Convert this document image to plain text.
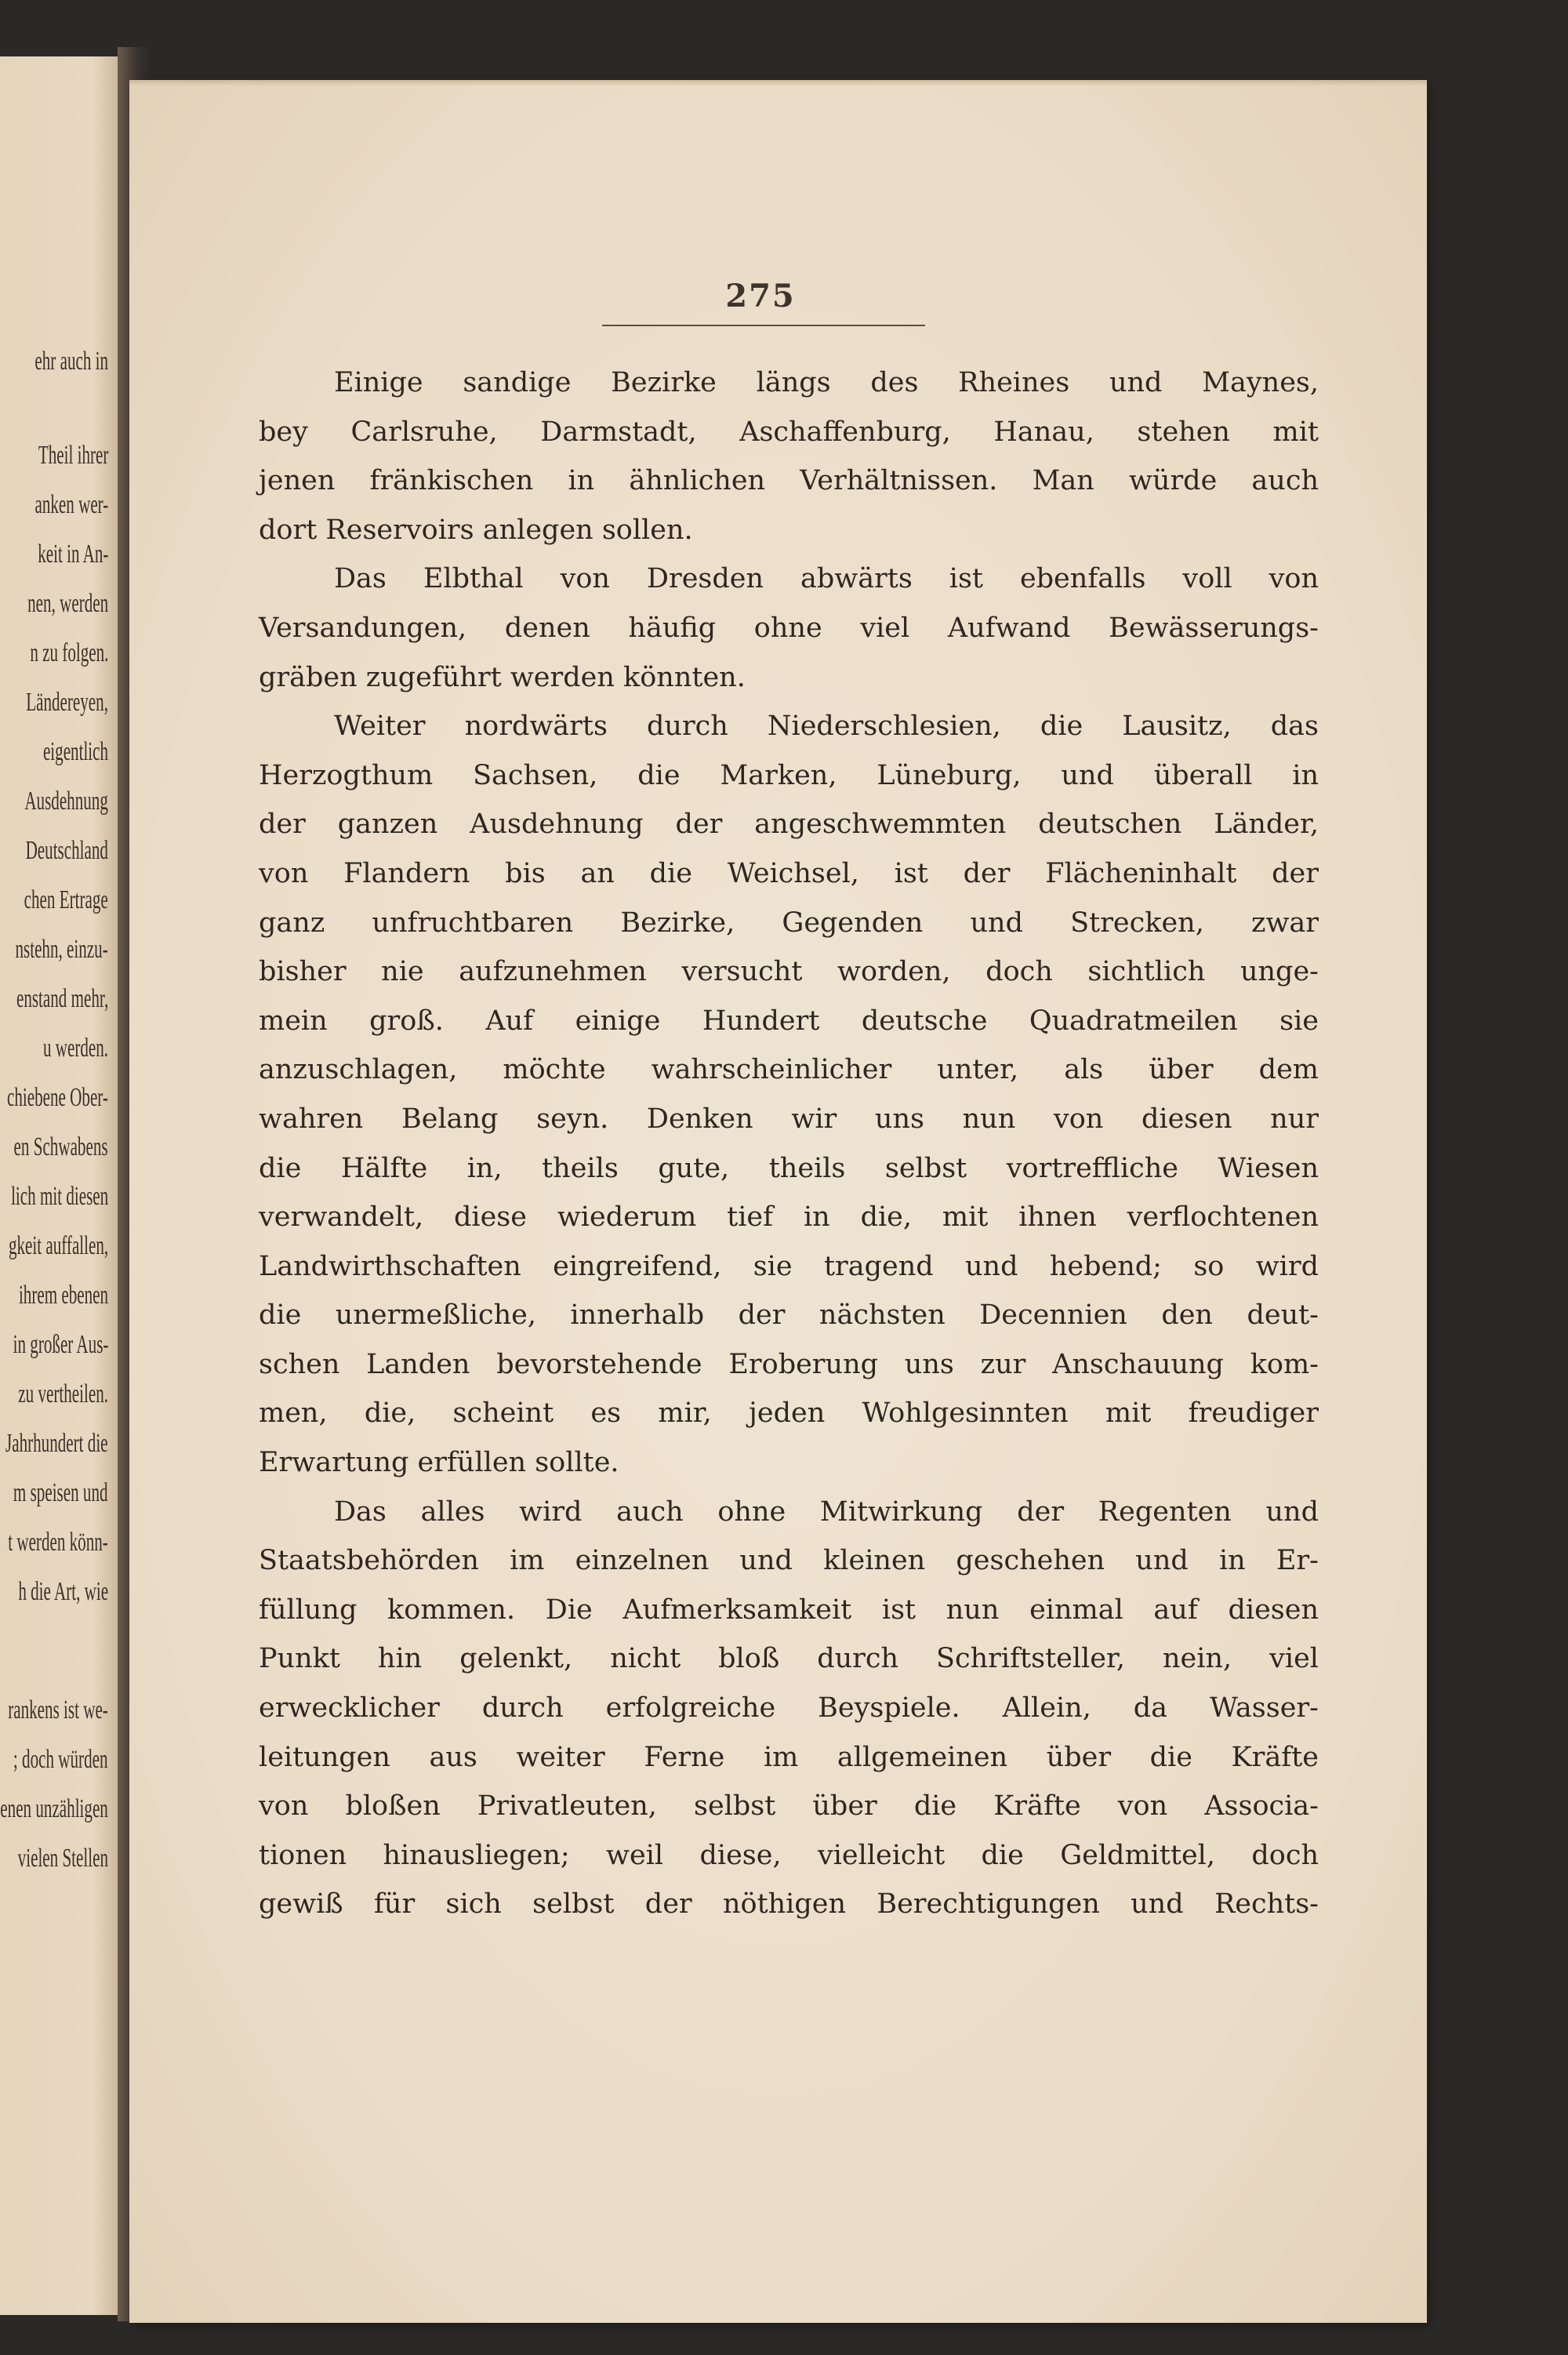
ehr auch in
Theil ihrer
anken wer-
keit in An-
nen, werden
n zu folgen.
Ländereyen,
eigentlich
Ausdehnung
Deutschland
chen Ertrage
nstehn, einzu-
enstand mehr,
u werden.
chiebene Ober-
en Schwabens
lich mit diesen
gkeit auffallen,
ihrem ebenen
in großer Aus-
zu vertheilen.
Jahrhundert die
m speisen und
t werden könn-
h die Art, wie
rankens ist we-
; doch würden
enen unzähligen
vielen Stellen
275
Einige sandige Bezirke längs des Rheines und Maynes,
bey Carlsruhe, Darmstadt, Aschaffenburg, Hanau, stehen mit
jenen fränkischen in ähnlichen Verhältnissen. Man würde auch
dort Reservoirs anlegen sollen.
Das Elbthal von Dresden abwärts ist ebenfalls voll von
Versandungen, denen häufig ohne viel Aufwand Bewässerungs-
gräben zugeführt werden könnten.
Weiter nordwärts durch Niederschlesien, die Lausitz, das
Herzogthum Sachsen, die Marken, Lüneburg, und überall in
der ganzen Ausdehnung der angeschwemmten deutschen Länder,
von Flandern bis an die Weichsel, ist der Flächeninhalt der
ganz unfruchtbaren Bezirke, Gegenden und Strecken, zwar
bisher nie aufzunehmen versucht worden, doch sichtlich unge-
mein groß. Auf einige Hundert deutsche Quadratmeilen sie
anzuschlagen, möchte wahrscheinlicher unter, als über dem
wahren Belang seyn. Denken wir uns nun von diesen nur
die Hälfte in, theils gute, theils selbst vortreffliche Wiesen
verwandelt, diese wiederum tief in die, mit ihnen verflochtenen
Landwirthschaften eingreifend, sie tragend und hebend; so wird
die unermeßliche, innerhalb der nächsten Decennien den deut-
schen Landen bevorstehende Eroberung uns zur Anschauung kom-
men, die, scheint es mir, jeden Wohlgesinnten mit freudiger
Erwartung erfüllen sollte.
Das alles wird auch ohne Mitwirkung der Regenten und
Staatsbehörden im einzelnen und kleinen geschehen und in Er-
füllung kommen. Die Aufmerksamkeit ist nun einmal auf diesen
Punkt hin gelenkt, nicht bloß durch Schriftsteller, nein, viel
erwecklicher durch erfolgreiche Beyspiele. Allein, da Wasser-
leitungen aus weiter Ferne im allgemeinen über die Kräfte
von bloßen Privatleuten, selbst über die Kräfte von Associa-
tionen hinausliegen; weil diese, vielleicht die Geldmittel, doch
gewiß für sich selbst der nöthigen Berechtigungen und Rechts-
